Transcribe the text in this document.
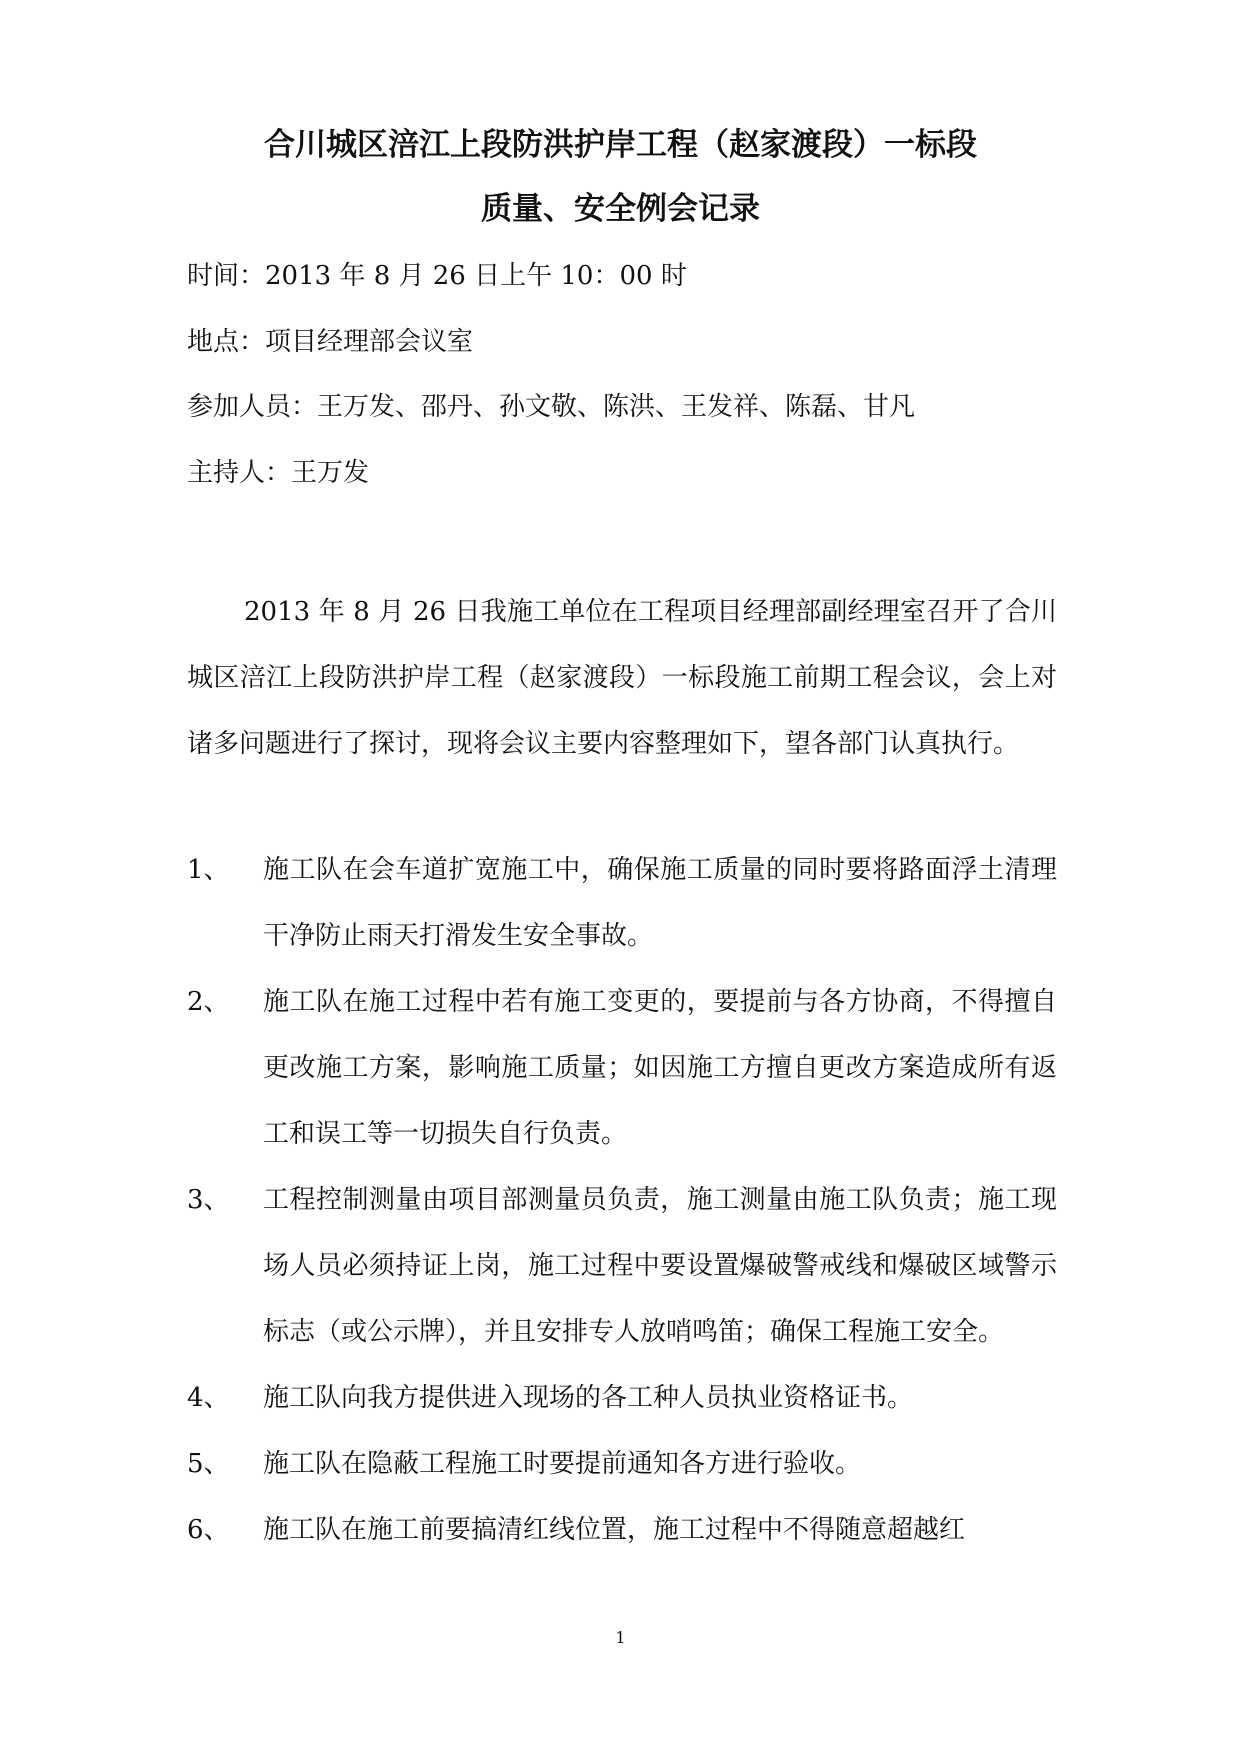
合川城区涪江上段防洪护岸工程（赵家渡段）一标段
质量、安全例会记录
时间：2013 年 8 月 26 日上午 10：00 时
地点：项目经理部会议室
参加人员：王万发、邵丹、孙文敬、陈洪、王发祥、陈磊、甘凡
主持人：王万发

2013 年 8 月 26 日我施工单位在工程项目经理部副经理室召开了合川城区涪江上段防洪护岸工程（赵家渡段）一标段施工前期工程会议，会上对诸多问题进行了探讨，现将会议主要内容整理如下，望各部门认真执行。

1、	施工队在会车道扩宽施工中，确保施工质量的同时要将路面浮土清理干净防止雨天打滑发生安全事故。
2、	施工队在施工过程中若有施工变更的，要提前与各方协商，不得擅自更改施工方案，影响施工质量；如因施工方擅自更改方案造成所有返工和误工等一切损失自行负责。
3、	工程控制测量由项目部测量员负责，施工测量由施工队负责；施工现场人员必须持证上岗，施工过程中要设置爆破警戒线和爆破区域警示标志（或公示牌），并且安排专人放哨鸣笛；确保工程施工安全。
4、	施工队向我方提供进入现场的各工种人员执业资格证书。
5、	施工队在隐蔽工程施工时要提前通知各方进行验收。
6、	施工队在施工前要搞清红线位置，施工过程中不得随意超越红
1
